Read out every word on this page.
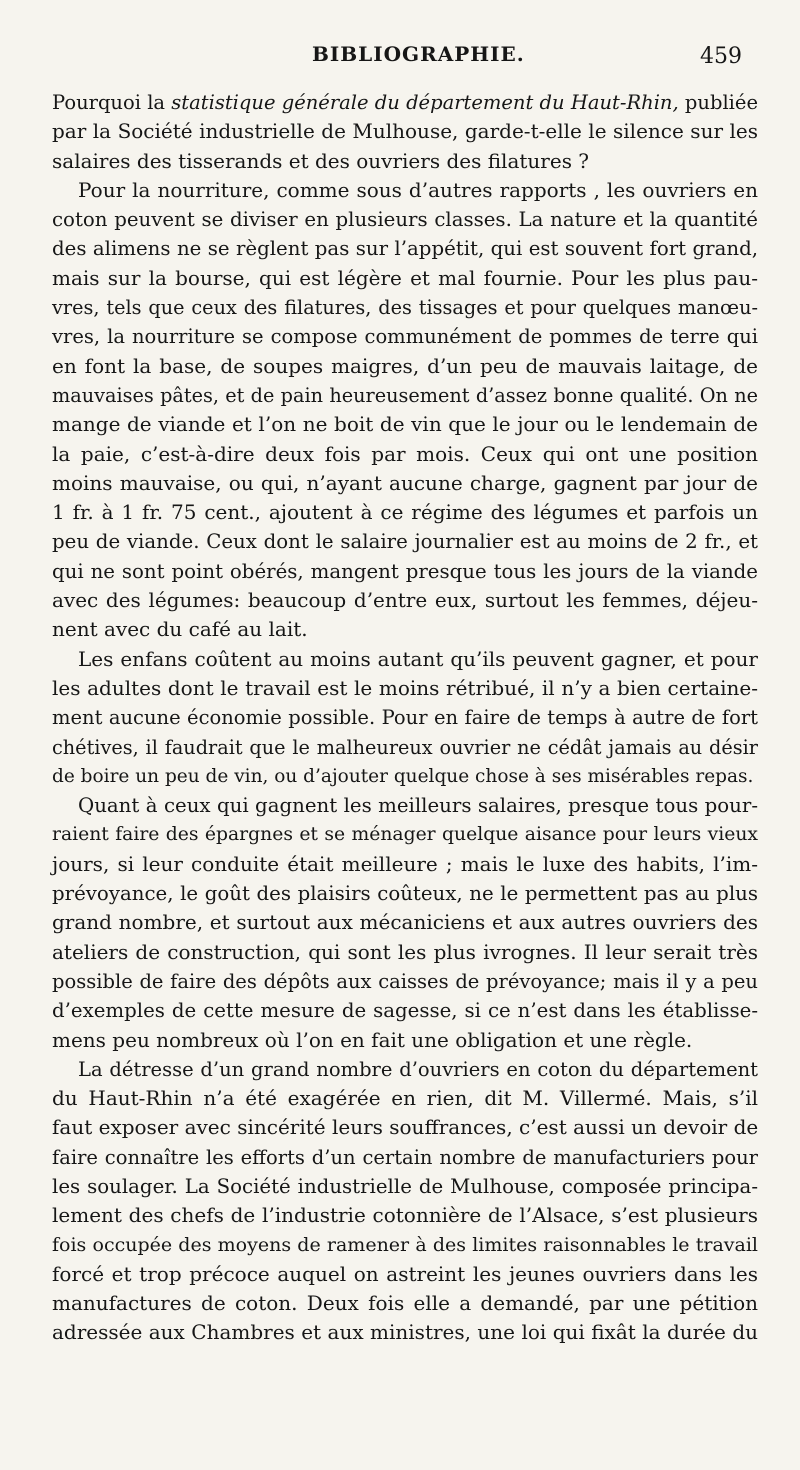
BIBLIOGRAPHIE.	459
Pourquoi la statistique générale du département du Haut-Rhin, publiée
par la Société industrielle de Mulhouse, garde-t-elle le silence sur les
salaires des tisserands et des ouvriers des filatures ?
Pour la nourriture, comme sous d’autres rapports , les ouvriers en
coton peuvent se diviser en plusieurs classes. La nature et la quantité
des alimens ne se règlent pas sur l’appétit, qui est souvent fort grand,
mais sur la bourse, qui est légère et mal fournie. Pour les plus pau-
vres, tels que ceux des filatures, des tissages et pour quelques manœu-
vres, la nourriture se compose communément de pommes de terre qui
en font la base, de soupes maigres, d’un peu de mauvais laitage, de
mauvaises pâtes, et de pain heureusement d’assez bonne qualité. On ne
mange de viande et l’on ne boit de vin que le jour ou le lendemain de
la paie, c’est-à-dire deux fois par mois. Ceux qui ont une position
moins mauvaise, ou qui, n’ayant aucune charge, gagnent par jour de
1 fr. à 1 fr. 75 cent., ajoutent à ce régime des légumes et parfois un
peu de viande. Ceux dont le salaire journalier est au moins de 2 fr., et
qui ne sont point obérés, mangent presque tous les jours de la viande
avec des légumes: beaucoup d’entre eux, surtout les femmes, déjeu-
nent avec du café au lait.
Les enfans coûtent au moins autant qu’ils peuvent gagner, et pour
les adultes dont le travail est le moins rétribué, il n’y a bien certaine-
ment aucune économie possible. Pour en faire de temps à autre de fort
chétives, il faudrait que le malheureux ouvrier ne cédât jamais au désir
de boire un peu de vin, ou d’ajouter quelque chose à ses misérables repas.
Quant à ceux qui gagnent les meilleurs salaires, presque tous pour-
raient faire des épargnes et se ménager quelque aisance pour leurs vieux
jours, si leur conduite était meilleure ; mais le luxe des habits, l’im-
prévoyance, le goût des plaisirs coûteux, ne le permettent pas au plus
grand nombre, et surtout aux mécaniciens et aux autres ouvriers des
ateliers de construction, qui sont les plus ivrognes. Il leur serait très
possible de faire des dépôts aux caisses de prévoyance; mais il y a peu
d’exemples de cette mesure de sagesse, si ce n’est dans les établisse-
mens peu nombreux où l’on en fait une obligation et une règle.
La détresse d’un grand nombre d’ouvriers en coton du département
du Haut-Rhin n’a été exagérée en rien, dit M. Villermé. Mais, s’il
faut exposer avec sincérité leurs souffrances, c’est aussi un devoir de
faire connaître les efforts d’un certain nombre de manufacturiers pour
les soulager. La Société industrielle de Mulhouse, composée principa-
lement des chefs de l’industrie cotonnière de l’Alsace, s’est plusieurs
fois occupée des moyens de ramener à des limites raisonnables le travail
forcé et trop précoce auquel on astreint les jeunes ouvriers dans les
manufactures de coton. Deux fois elle a demandé, par une pétition
adressée aux Chambres et aux ministres, une loi qui fixât la durée du
